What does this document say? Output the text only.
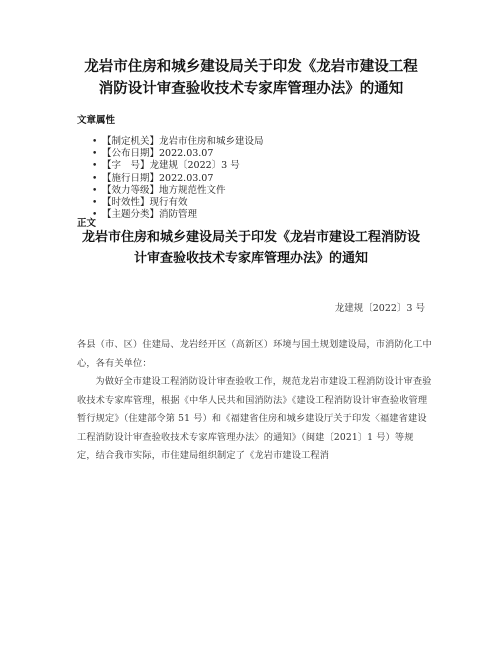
龙岩市住房和城乡建设局关于印发《龙岩市建设工程
消防设计审查验收技术专家库管理办法》的通知
文章属性
• 【制定机关】龙岩市住房和城乡建设局
• 【公布日期】2022.03.07
• 【字　号】龙建规〔2022〕3 号
• 【施行日期】2022.03.07
• 【效力等级】地方规范性文件
• 【时效性】现行有效
• 【主题分类】消防管理
正文
龙岩市住房和城乡建设局关于印发《龙岩市建设工程消防设
计审查验收技术专家库管理办法》的通知
龙建规〔2022〕3 号

各县（市、区）住建局、龙岩经开区（高新区）环境与国土规划建设局，市消防化工中心，各有关单位：

为做好全市建设工程消防设计审查验收工作，规范龙岩市建设工程消防设计审查验收技术专家库管理，根据《中华人民共和国消防法》《建设工程消防设计审查验收管理暂行规定》（住建部令第 51 号）和《福建省住房和城乡建设厅关于印发〈福建省建设工程消防设计审查验收技术专家库管理办法〉的通知》（闽建〔2021〕1 号）等规定，结合我市实际，市住建局组织制定了《龙岩市建设工程消
